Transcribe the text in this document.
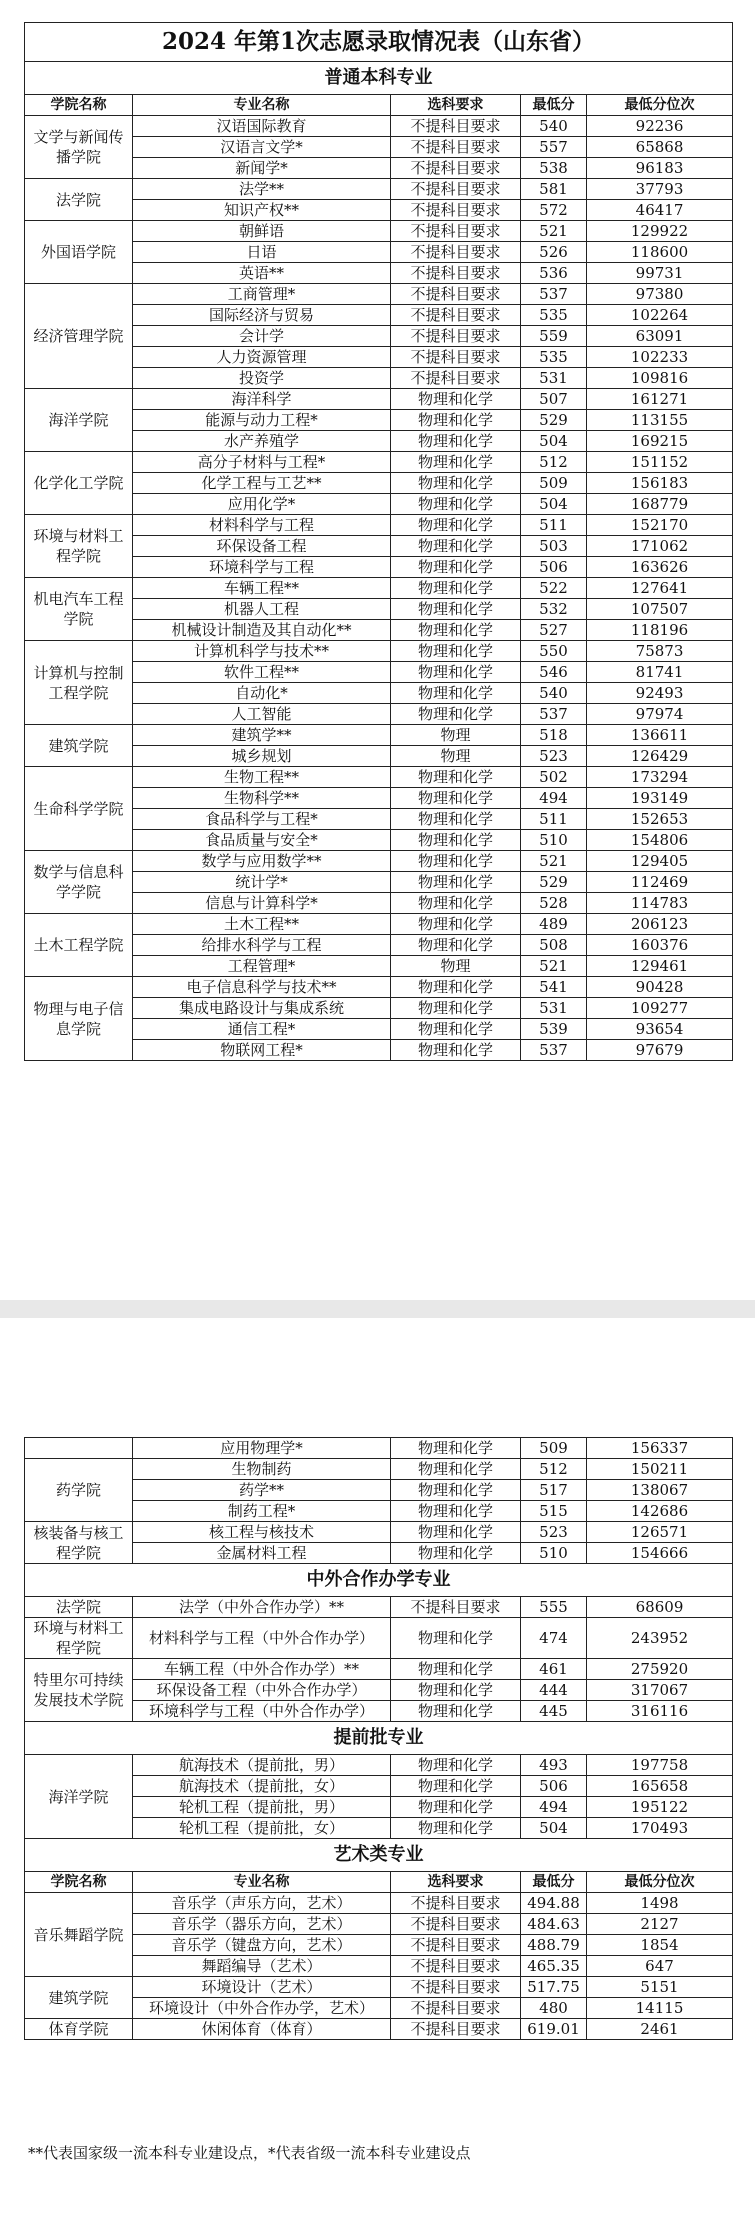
2024 年第1次志愿录取情况表（山东省）				
普通本科专业				
学院名称	专业名称	选科要求	最低分	最低分位次
文学与新闻传播学院	汉语国际教育	不提科目要求	540	92236
	汉语言文学*	不提科目要求	557	65868
	新闻学*	不提科目要求	538	96183
法学院	法学**	不提科目要求	581	37793
	知识产权**	不提科目要求	572	46417
外国语学院	朝鲜语	不提科目要求	521	129922
	日语	不提科目要求	526	118600
	英语**	不提科目要求	536	99731
经济管理学院	工商管理*	不提科目要求	537	97380
	国际经济与贸易	不提科目要求	535	102264
	会计学	不提科目要求	559	63091
	人力资源管理	不提科目要求	535	102233
	投资学	不提科目要求	531	109816
海洋学院	海洋科学	物理和化学	507	161271
	能源与动力工程*	物理和化学	529	113155
	水产养殖学	物理和化学	504	169215
化学化工学院	高分子材料与工程*	物理和化学	512	151152
	化学工程与工艺**	物理和化学	509	156183
	应用化学*	物理和化学	504	168779
环境与材料工程学院	材料科学与工程	物理和化学	511	152170
	环保设备工程	物理和化学	503	171062
	环境科学与工程	物理和化学	506	163626
机电汽车工程学院	车辆工程**	物理和化学	522	127641
	机器人工程	物理和化学	532	107507
	机械设计制造及其自动化**	物理和化学	527	118196
计算机与控制工程学院	计算机科学与技术**	物理和化学	550	75873
	软件工程**	物理和化学	546	81741
	自动化*	物理和化学	540	92493
	人工智能	物理和化学	537	97974
建筑学院	建筑学**	物理	518	136611
	城乡规划	物理	523	126429
生命科学学院	生物工程**	物理和化学	502	173294
	生物科学**	物理和化学	494	193149
	食品科学与工程*	物理和化学	511	152653
	食品质量与安全*	物理和化学	510	154806
数学与信息科学学院	数学与应用数学**	物理和化学	521	129405
	统计学*	物理和化学	529	112469
	信息与计算科学*	物理和化学	528	114783
土木工程学院	土木工程**	物理和化学	489	206123
	给排水科学与工程	物理和化学	508	160376
	工程管理*	物理	521	129461
物理与电子信息学院	电子信息科学与技术**	物理和化学	541	90428
	集成电路设计与集成系统	物理和化学	531	109277
	通信工程*	物理和化学	539	93654
	物联网工程*	物理和化学	537	97679
	应用物理学*	物理和化学	509	156337
药学院	生物制药	物理和化学	512	150211
	药学**	物理和化学	517	138067
	制药工程*	物理和化学	515	142686
核装备与核工程学院	核工程与核技术	物理和化学	523	126571
	金属材料工程	物理和化学	510	154666
中外合作办学专业				
法学院	法学（中外合作办学）**	不提科目要求	555	68609
环境与材料工程学院	材料科学与工程（中外合作办学）	物理和化学	474	243952
特里尔可持续发展技术学院	车辆工程（中外合作办学）**	物理和化学	461	275920
	环保设备工程（中外合作办学）	物理和化学	444	317067
	环境科学与工程（中外合作办学）	物理和化学	445	316116
提前批专业				
海洋学院	航海技术（提前批，男）	物理和化学	493	197758
	航海技术（提前批，女）	物理和化学	506	165658
	轮机工程（提前批，男）	物理和化学	494	195122
	轮机工程（提前批，女）	物理和化学	504	170493
艺术类专业				
学院名称	专业名称	选科要求	最低分	最低分位次
音乐舞蹈学院	音乐学（声乐方向，艺术）	不提科目要求	494.88	1498
	音乐学（器乐方向，艺术）	不提科目要求	484.63	2127
	音乐学（键盘方向，艺术）	不提科目要求	488.79	1854
	舞蹈编导（艺术）	不提科目要求	465.35	647
建筑学院	环境设计（艺术）	不提科目要求	517.75	5151
	环境设计（中外合作办学，艺术）	不提科目要求	480	14115
体育学院	休闲体育（体育）	不提科目要求	619.01	2461
**代表国家级一流本科专业建设点，*代表省级一流本科专业建设点
